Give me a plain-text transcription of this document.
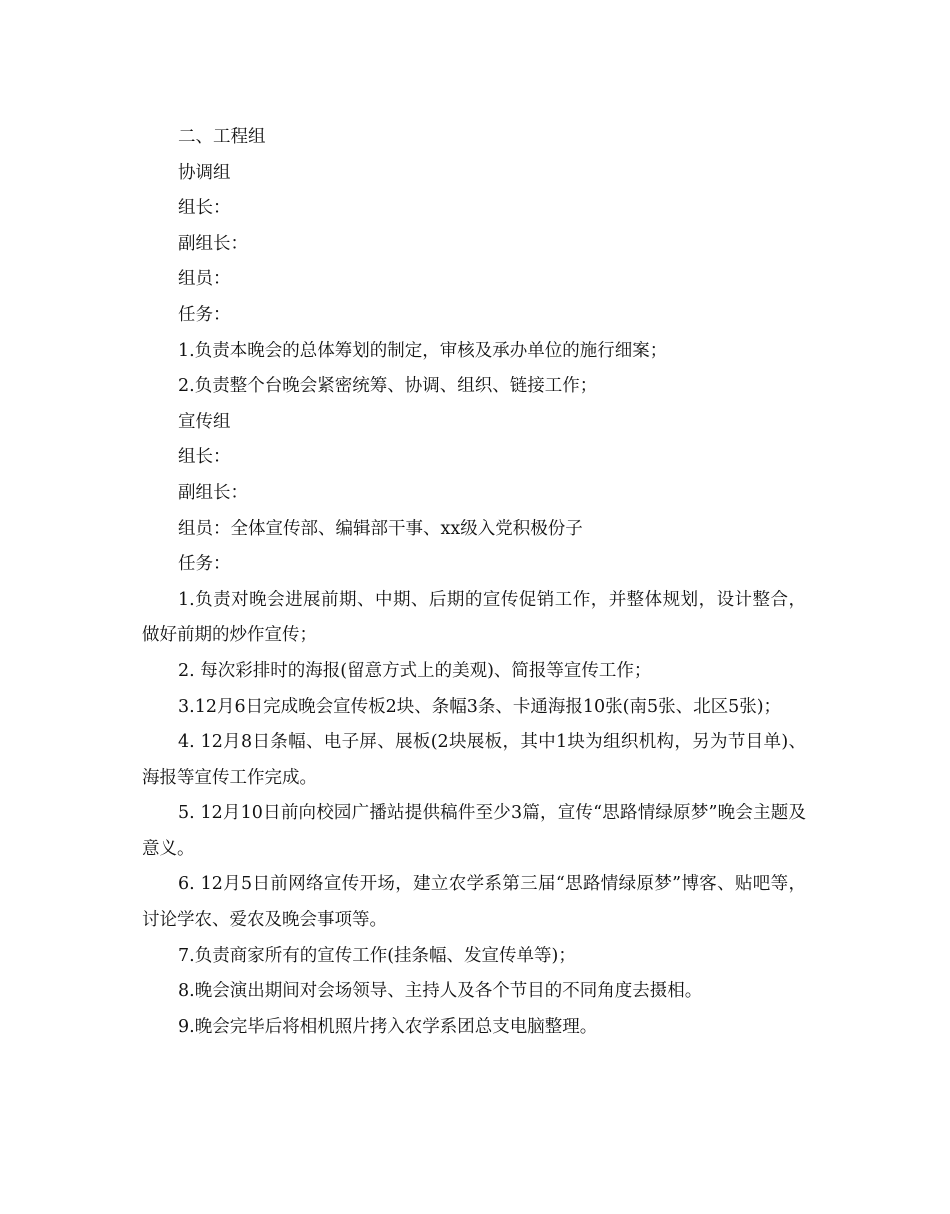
二、工程组

协调组

组长：

副组长：

组员：

任务：

1.负责本晚会的总体筹划的制定，审核及承办单位的施行细案；

2.负责整个台晚会紧密统筹、协调、组织、链接工作；

宣传组

组长：

副组长：

组员：全体宣传部、编辑部干事、xx级入党积极份子

任务：

1.负责对晚会进展前期、中期、后期的宣传促销工作，并整体规划，设计整合，做好前期的炒作宣传；

2. 每次彩排时的海报(留意方式上的美观)、简报等宣传工作；

3.12月6日完成晚会宣传板2块、条幅3条、卡通海报10张(南5张、北区5张)；

4. 12月8日条幅、电子屏、展板(2块展板，其中1块为组织机构，另为节目单)、海报等宣传工作完成。

5. 12月10日前向校园广播站提供稿件至少3篇，宣传“思路情绿原梦”晚会主题及意义。

6. 12月5日前网络宣传开场，建立农学系第三届“思路情绿原梦”博客、贴吧等，讨论学农、爱农及晚会事项等。

7.负责商家所有的宣传工作(挂条幅、发宣传单等)；

8.晚会演出期间对会场领导、主持人及各个节目的不同角度去摄相。

9.晚会完毕后将相机照片拷入农学系团总支电脑整理。
